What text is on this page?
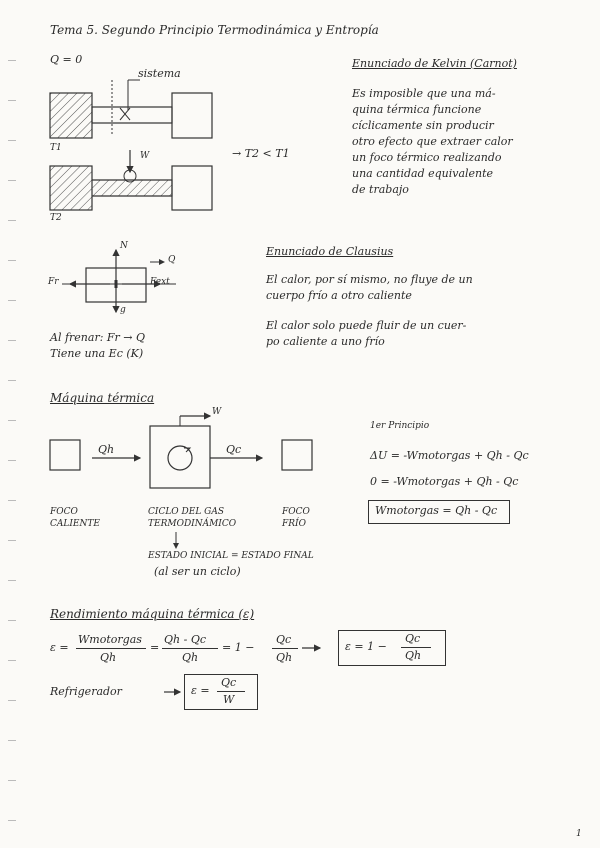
Tema 5. Segundo Principio Termodinámica y Entropía
1
Q = 0
sistema
T1
T2
W	→ T2 < T1
Enunciado de Kelvin (Carnot)
Es imposible que una má-
quina térmica funcione
cíclicamente sin producir
otro efecto que extraer calor
un foco térmico realizando
una cantidad equivalente
de trabajo
N
Fr	Fext
Q
g
Al frenar: Fr → Q
Tiene una Ec (K)
Enunciado de Clausius
El calor, por sí mismo, no fluye de un
cuerpo frío a otro caliente
El calor solo puede fluir de un cuer-
po caliente a uno frío
Máquina térmica
W
Qh	Qc
FOCO
CALIENTE
CICLO DEL GAS
TERMODINÁMICO
FOCO
FRÍO
ESTADO INICIAL = ESTADO FINAL
(al ser un ciclo)
1er Principio
ΔU = -Wmotorgas + Qh - Qc
0 = -Wmotorgas + Qh - Qc
Wmotorgas = Qh - Qc
Rendimiento máquina térmica (ε)
ε =
Wmotorgas
Qh
=
Qh - Qc
Qh
= 1 −
Qc
Qh
ε = 1 −
Qc
Qh
Refrigerador	ε =
Qc
W
